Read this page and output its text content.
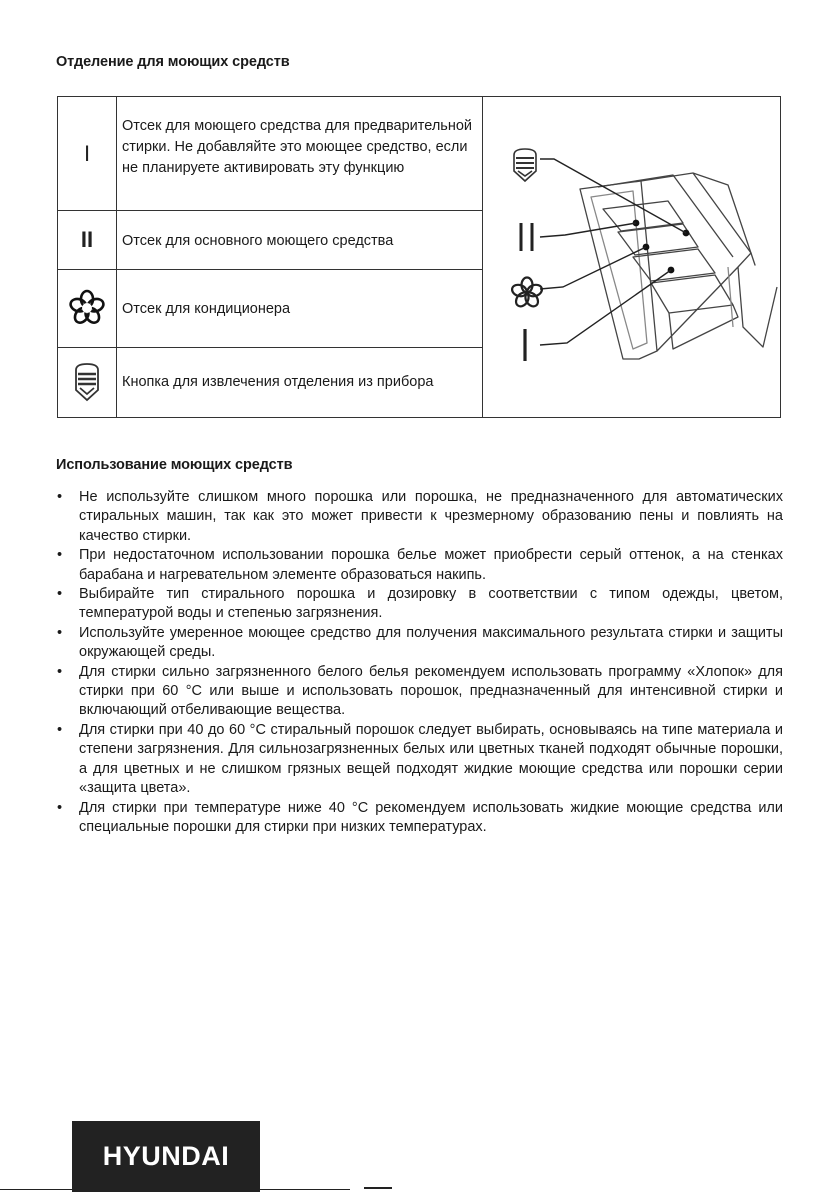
Отделение для моющих средств
I
Отсек для моющего средства для предварительной стирки. Не добавляйте это моющее средство, если не планируете активировать эту функцию
II Отсек для основного моющего средства
Отсек для кондиционера
Кнопка для извлечения отделения из прибора
Использование моющих средств
• Не используйте слишком много порошка или порошка, не предназначенного для автоматических стиральных машин, так как это может привести к чрезмерному образованию пены и повлиять на качество стирки.
• При недостаточном использовании порошка белье может приобрести серый оттенок, а на стенках барабана и нагревательном элементе образоваться накипь.
• Выбирайте тип стирального порошка и дозировку в соответствии с типом одежды, цветом, температурой воды и степенью загрязнения.
• Используйте умеренное моющее средство для получения максимального результата стирки и защиты окружающей среды.
• Для стирки сильно загрязненного белого белья рекомендуем использовать программу «Хлопок» для стирки при 60 °С или выше и использовать порошок, предназначенный для интенсивной стирки и включающий отбеливающие вещества.
• Для стирки при 40 до 60 °С стиральный порошок следует выбирать, основываясь на типе материала и степени загрязнения. Для сильнозагрязненных белых или цветных тканей подходят обычные порошки, а для цветных и не слишком грязных вещей подходят жидкие моющие средства или порошки серии «защита цвета».
• Для стирки при температуре ниже 40 °С рекомендуем использовать жидкие моющие средства или специальные порошки для стирки при низких температурах.
HYUNDAI
